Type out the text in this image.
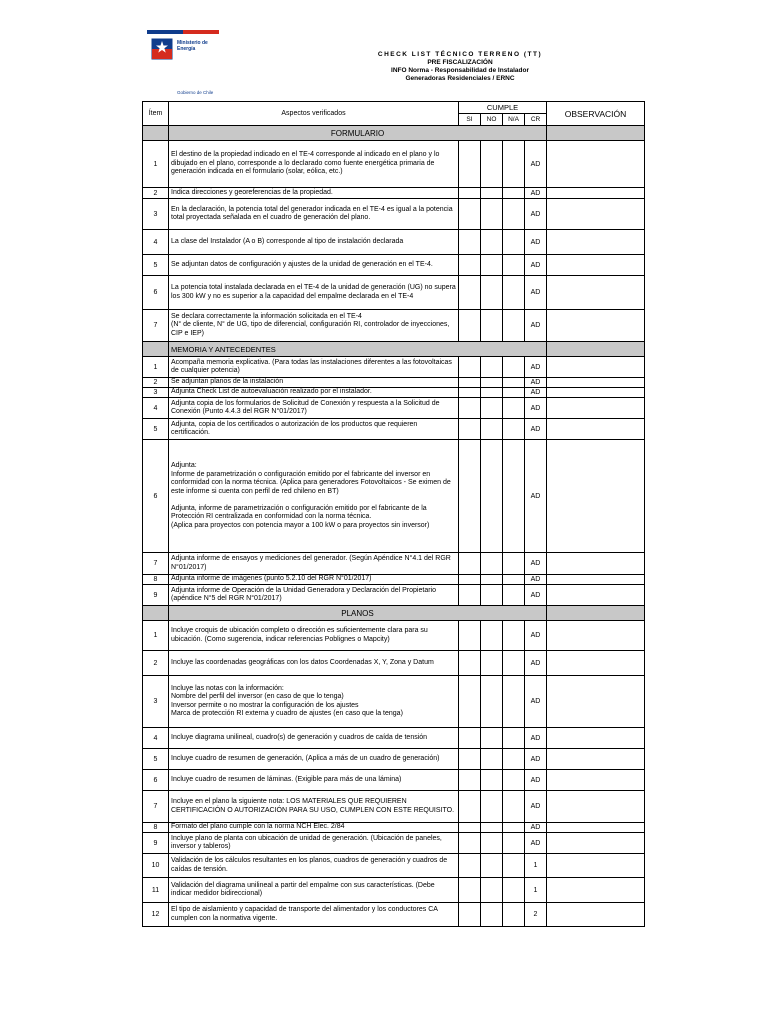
Ministerio de Energía
Gobierno de Chile
CHECK LIST TÉCNICO TERRENO (TT)
PRE FISCALIZACIÓN
INFO Norma - Responsabilidad de Instalador
Generadoras Residenciales / ERNC
Ítem	Aspectos verificados	CUMPLE				OBSERVACIÓN
		SI	NO	N/A	CR	
	FORMULARIO					
1	El destino de la propiedad indicado en el TE-4 corresponde al indicado en el plano y lo dibujado en el plano, corresponde a lo declarado como fuente energética primaria de generación indicada en el formulario (solar, eólica, etc.)				AD	
2	Indica direcciones y georeferencias de la propiedad.				AD	
3	En la declaración, la potencia total del generador indicada en el TE-4 es igual a la potencia total proyectada señalada en el cuadro de generación del plano.				AD	
4	La clase del Instalador (A o B) corresponde al tipo de instalación declarada				AD	
5	Se adjuntan datos de configuración y ajustes de la unidad de generación en el TE-4.				AD	
6	La potencia total instalada declarada en el TE-4 de la unidad de generación (UG) no supera los 300 kW y no es superior a la capacidad del empalme declarada en el TE-4				AD	
7	Se declara correctamente la información solicitada en el TE-4
(N° de cliente, N° de UG, tipo de diferencial, configuración RI, controlador de inyecciones, CIP e IEP)				AD	
	MEMORIA Y ANTECEDENTES					
1	Acompaña memoria explicativa. (Para todas las instalaciones diferentes a las fotovoltaicas de cualquier potencia)				AD	
2	Se adjuntan planos de la instalación				AD	
3	Adjunta Check List de autoevaluación realizado por el instalador.				AD	
4	Adjunta copia de los formularios de Solicitud de Conexión y respuesta a la Solicitud de Conexión (Punto 4.4.3 del RGR N°01/2017)				AD	
5	Adjunta, copia de los certificados o autorización de los productos que requieren certificación.				AD	
6	Adjunta:
Informe de parametrización o configuración emitido por el fabricante del inversor en conformidad con la norma técnica. (Aplica para generadores Fotovoltaicos - Se eximen de este informe si cuenta con perfil de red chileno en BT)

Adjunta, informe de parametrización o configuración emitido por el fabricante de la Protección RI centralizada en conformidad con la norma técnica.
(Aplica para proyectos con potencia mayor a 100 kW o para proyectos sin inversor)				AD	
7	Adjunta informe de ensayos y mediciones del generador. (Según Apéndice N°4.1 del RGR N°01/2017)				AD	
8	Adjunta informe de imágenes (punto 5.2.10 del RGR N°01/2017)				AD	
9	Adjunta informe de Operación de la Unidad Generadora y Declaración del Propietario (apéndice N°5 del RGR N°01/2017)				AD	
	PLANOS					
1	Incluye croquis de ubicación completo o dirección es suficientemente clara para su ubicación. (Como sugerencia, indicar referencias Poblignes o Mapcity)				AD	
2	Incluye las coordenadas geográficas con los datos Coordenadas X, Y, Zona y Datum				AD	
3	Incluye las notas con la información:
Nombre del perfil del inversor (en caso de que lo tenga)
Inversor permite o no mostrar la configuración de los ajustes
Marca de protección RI externa y cuadro de ajustes (en caso que la tenga)				AD	
4	Incluye diagrama unilineal, cuadro(s) de generación y cuadros de caída de tensión				AD	
5	Incluye cuadro de resumen de generación, (Aplica a más de un cuadro de generación)				AD	
6	Incluye cuadro de resumen de láminas. (Exigible para más de una lámina)				AD	
7	Incluye en el plano la siguiente nota: LOS MATERIALES QUE REQUIEREN CERTIFICACIÓN O AUTORIZACIÓN PARA SU USO, CUMPLEN CON ESTE REQUISITO.				AD	
8	Formato del plano cumple con la norma NCH Elec. 2/84				AD	
9	Incluye plano de planta con ubicación de unidad de generación. (Ubicación de paneles, inversor y tableros)				AD	
10	Validación de los cálculos resultantes en los planos, cuadros de generación y cuadros de caídas de tensión.				1	
11	Validación del diagrama unilineal a partir del empalme con sus características. (Debe indicar medidor bidireccional)				1	
12	El tipo de aislamiento y capacidad de transporte del alimentador y los conductores CA cumplen con la normativa vigente.				2	
